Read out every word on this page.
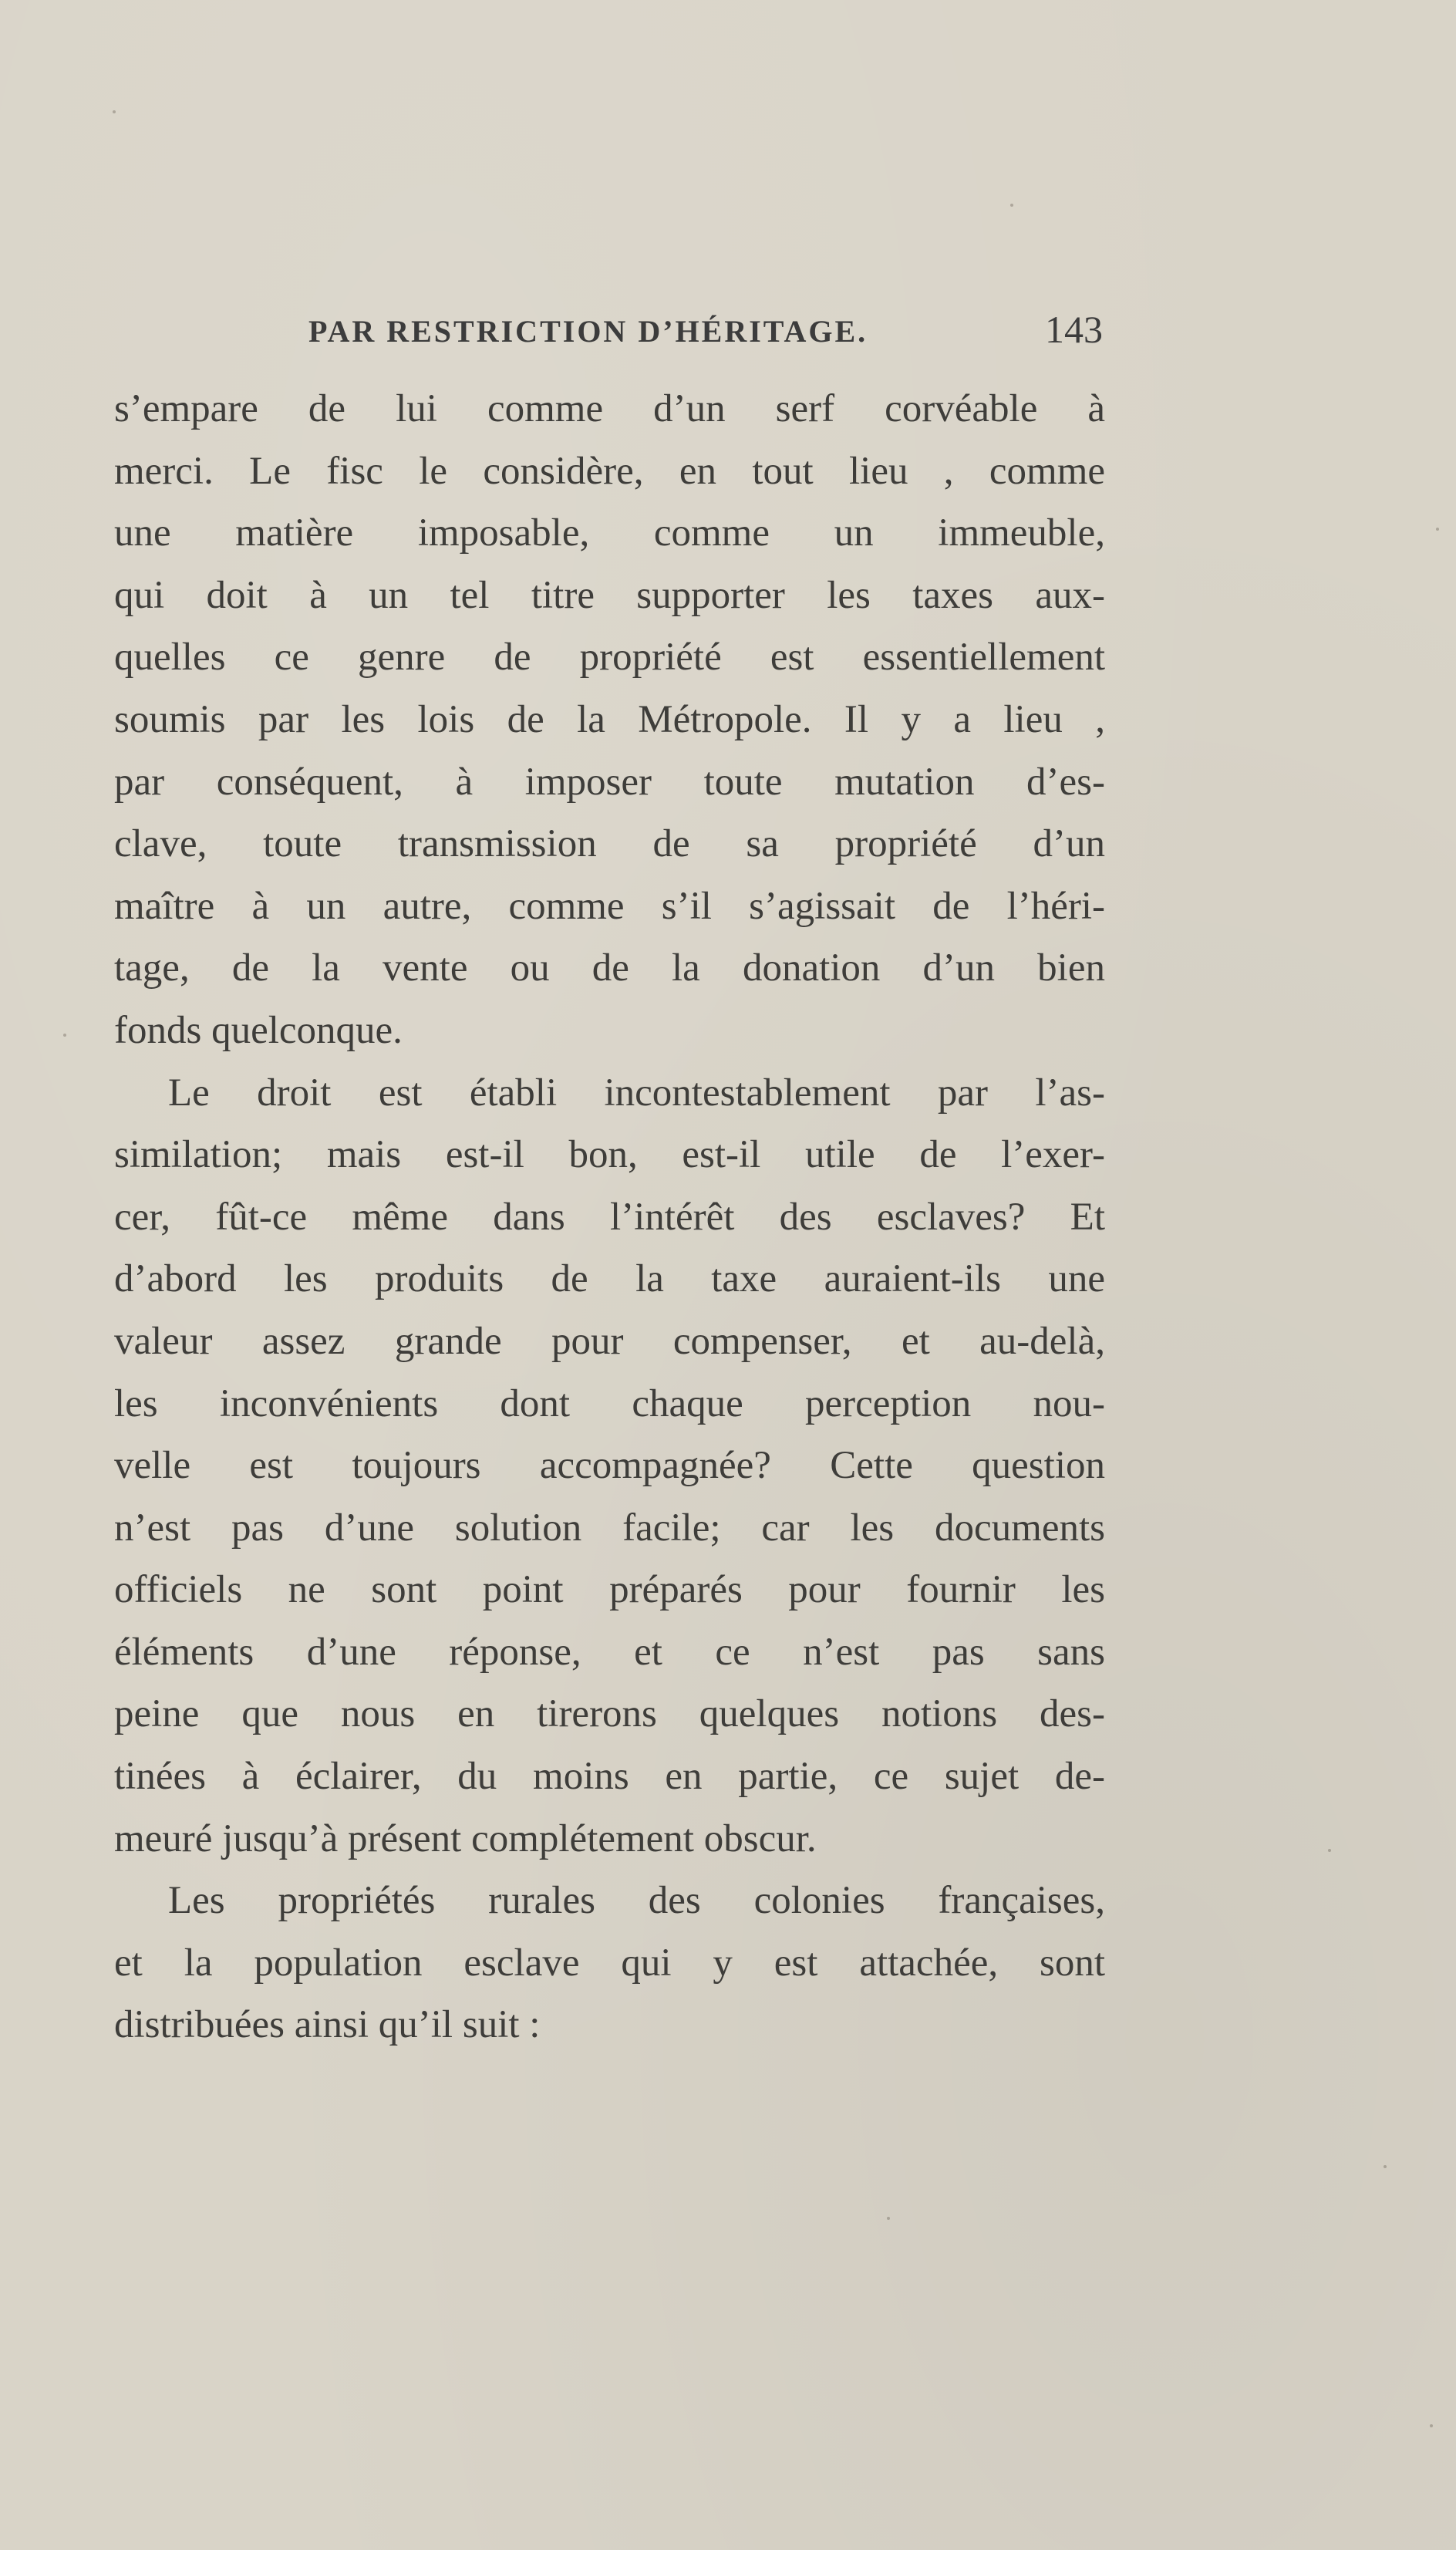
PAR RESTRICTION D’HÉRITAGE.	143
s’empare de lui comme d’un serf corvéable à
merci. Le fisc le considère, en tout lieu , comme
une matière imposable, comme un immeuble,
qui doit à un tel titre supporter les taxes aux-
quelles ce genre de propriété est essentiellement
soumis par les lois de la Métropole. Il y a lieu ,
par conséquent, à imposer toute mutation d’es-
clave, toute transmission de sa propriété d’un
maître à un autre, comme s’il s’agissait de l’héri-
tage, de la vente ou de la donation d’un bien
fonds quelconque.
Le droit est établi incontestablement par l’as-
similation; mais est-il bon, est-il utile de l’exer-
cer, fût-ce même dans l’intérêt des esclaves? Et
d’abord les produits de la taxe auraient-ils une
valeur assez grande pour compenser, et au-delà,
les inconvénients dont chaque perception nou-
velle est toujours accompagnée? Cette question
n’est pas d’une solution facile; car les documents
officiels ne sont point préparés pour fournir les
éléments d’une réponse, et ce n’est pas sans
peine que nous en tirerons quelques notions des-
tinées à éclairer, du moins en partie, ce sujet de-
meuré jusqu’à présent complétement obscur.
Les propriétés rurales des colonies françaises,
et la population esclave qui y est attachée, sont
distribuées ainsi qu’il suit :
